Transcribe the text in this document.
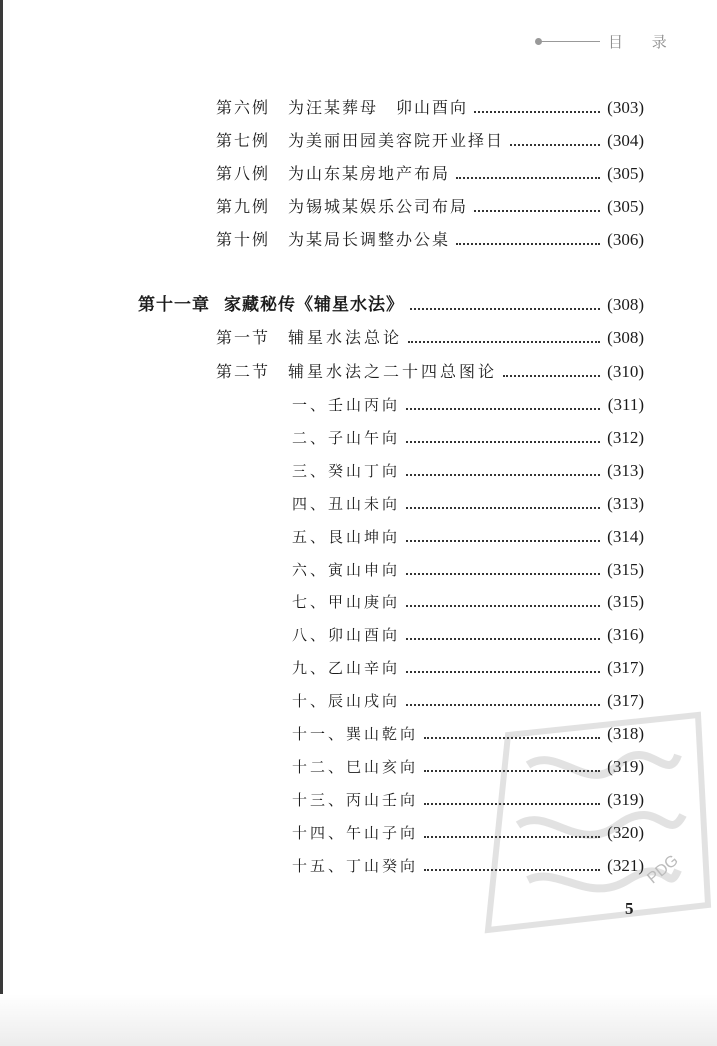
目 录
第六例	为汪某葬母　卯山酉向	(303)
第七例	为美丽田园美容院开业择日	(304)
第八例	为山东某房地产布局	(305)
第九例	为锡城某娱乐公司布局	(305)
第十例	为某局长调整办公桌	(306)
第十一章 家藏秘传《辅星水法》	(308)
第一节	辅星水法总论	(308)
第二节	辅星水法之二十四总图论	(310)
一、壬山丙向	(311)
二、子山午向	(312)
三、癸山丁向	(313)
四、丑山未向	(313)
五、艮山坤向	(314)
六、寅山申向	(315)
七、甲山庚向	(315)
八、卯山酉向	(316)
九、乙山辛向	(317)
十、辰山戌向	(317)
十一、巽山乾向	(318)
十二、巳山亥向	(319)
十三、丙山壬向	(319)
十四、午山子向	(320)
十五、丁山癸向	(321)
5
PDG
